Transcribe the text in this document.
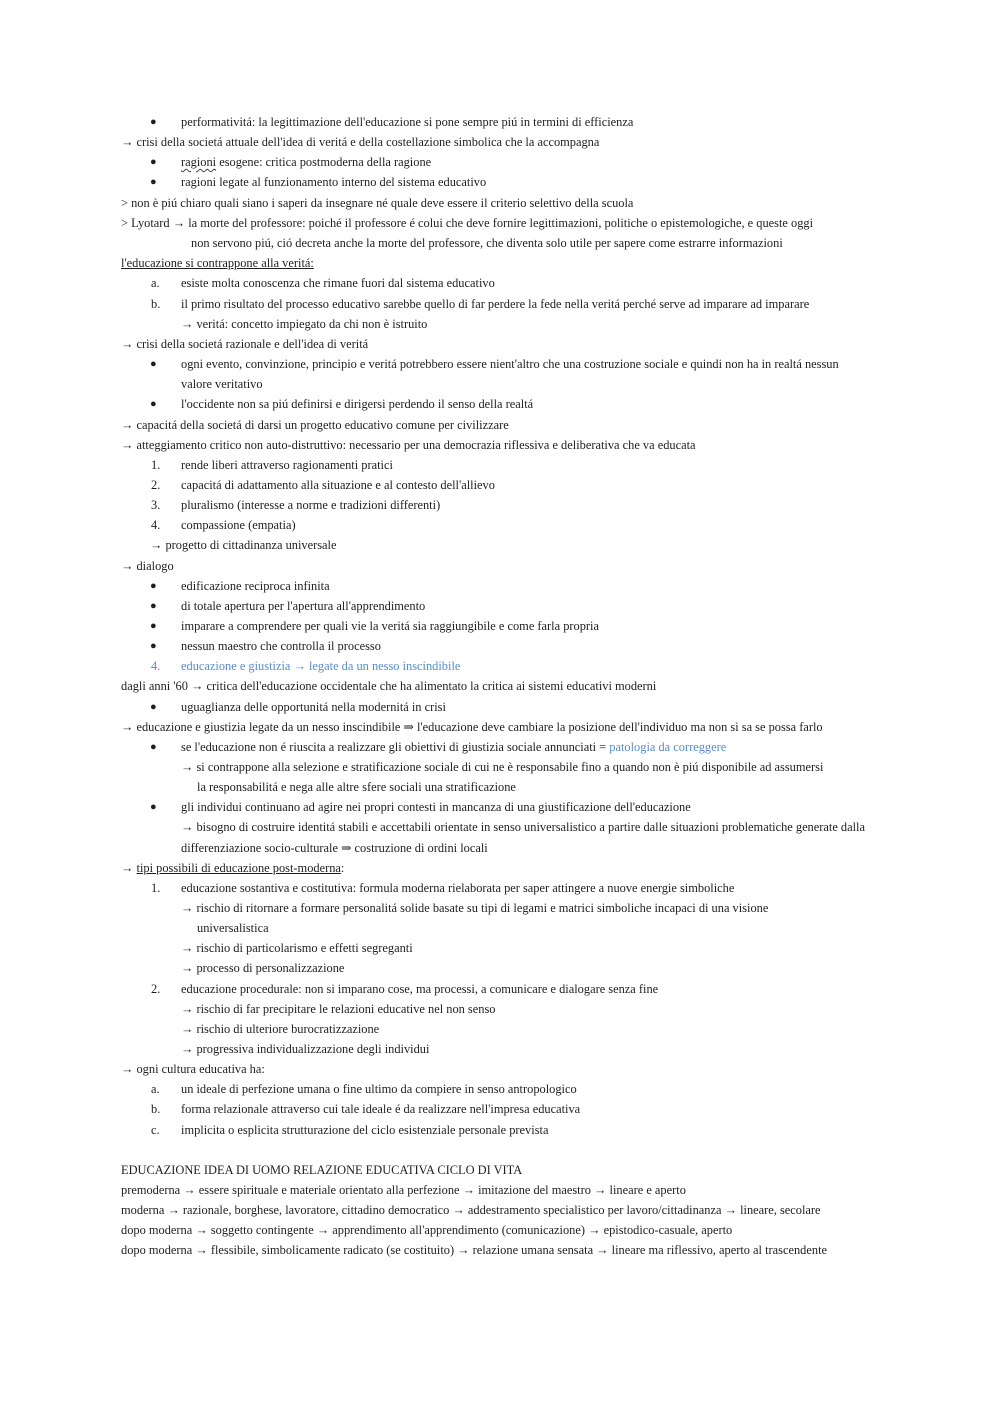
● performativitá: la legittimazione dell'educazione si pone sempre piú in termini di efficienza
→ crisi della societá attuale dell'idea di veritá e della costellazione simbolica che la accompagna
● ragioni esogene: critica postmoderna della ragione
● ragioni legate al funzionamento interno del sistema educativo
> non è piú chiaro quali siano i saperi da insegnare né quale deve essere il criterio selettivo della scuola
> Lyotard → la morte del professore: poiché il professore é colui che deve fornire legittimazioni, politiche o epistemologiche, e queste oggi
non servono piú, ció decreta anche la morte del professore, che diventa solo utile per sapere come estrarre informazioni
l'educazione si contrappone alla veritá:
a. esiste molta conoscenza che rimane fuori dal sistema educativo
b. il primo risultato del processo educativo sarebbe quello di far perdere la fede nella veritá perché serve ad imparare ad imparare
→ veritá: concetto impiegato da chi non è istruito
→ crisi della societá razionale e dell'idea di veritá
● ogni evento, convinzione, principio e veritá potrebbero essere nient'altro che una costruzione sociale e quindi non ha in realtá nessun
valore veritativo
● l'occidente non sa piú definirsi e dirigersi perdendo il senso della realtá
→ capacitá della societá di darsi un progetto educativo comune per civilizzare
→ atteggiamento critico non auto-distruttivo: necessario per una democrazia riflessiva e deliberativa che va educata
1. rende liberi attraverso ragionamenti pratici
2. capacitá di adattamento alla situazione e al contesto dell'allievo
3. pluralismo (interesse a norme e tradizioni differenti)
4. compassione (empatia)
→ progetto di cittadinanza universale
→ dialogo
● edificazione reciproca infinita
● di totale apertura per l'apertura all'apprendimento
● imparare a comprendere per quali vie la veritá sia raggiungibile e come farla propria
● nessun maestro che controlla il processo
4. educazione e giustizia → legate da un nesso inscindibile
dagli anni '60 → critica dell'educazione occidentale che ha alimentato la critica ai sistemi educativi moderni
● uguaglianza delle opportunitá nella modernitá in crisi
→ educazione e giustizia legate da un nesso inscindibile ⇒ l'educazione deve cambiare la posizione dell'individuo ma non si sa se possa farlo
● se l'educazione non é riuscita a realizzare gli obiettivi di giustizia sociale annunciati = patologia da correggere
→ si contrappone alla selezione e stratificazione sociale di cui ne è responsabile fino a quando non è piú disponibile ad assumersi
la responsabilitá e nega alle altre sfere sociali una stratificazione
● gli individui continuano ad agire nei propri contesti in mancanza di una giustificazione dell'educazione
→ bisogno di costruire identitá stabili e accettabili orientate in senso universalistico a partire dalle situazioni problematiche generate dalla
differenziazione socio-culturale ⇒ costruzione di ordini locali
→ tipi possibili di educazione post-moderna:
1. educazione sostantiva e costitutiva: formula moderna rielaborata per saper attingere a nuove energie simboliche
→ rischio di ritornare a formare personalitá solide basate su tipi di legami e matrici simboliche incapaci di una visione
universalistica
→ rischio di particolarismo e effetti segreganti
→ processo di personalizzazione
2. educazione procedurale: non si imparano cose, ma processi, a comunicare e dialogare senza fine
→ rischio di far precipitare le relazioni educative nel non senso
→ rischio di ulteriore burocratizzazione
→ progressiva individualizzazione degli individui
→ ogni cultura educativa ha:
a. un ideale di perfezione umana o fine ultimo da compiere in senso antropologico
b. forma relazionale attraverso cui tale ideale é da realizzare nell'impresa educativa
c. implicita o esplicita strutturazione del ciclo esistenziale personale prevista
EDUCAZIONE IDEA DI UOMO RELAZIONE EDUCATIVA CICLO DI VITA
premoderna → essere spirituale e materiale orientato alla perfezione → imitazione del maestro → lineare e aperto
moderna → razionale, borghese, lavoratore, cittadino democratico → addestramento specialistico per lavoro/cittadinanza → lineare, secolare
dopo moderna → soggetto contingente → apprendimento all'apprendimento (comunicazione) → epistodico-casuale, aperto
dopo moderna → flessibile, simbolicamente radicato (se costituito) → relazione umana sensata → lineare ma riflessivo, aperto al trascendente
